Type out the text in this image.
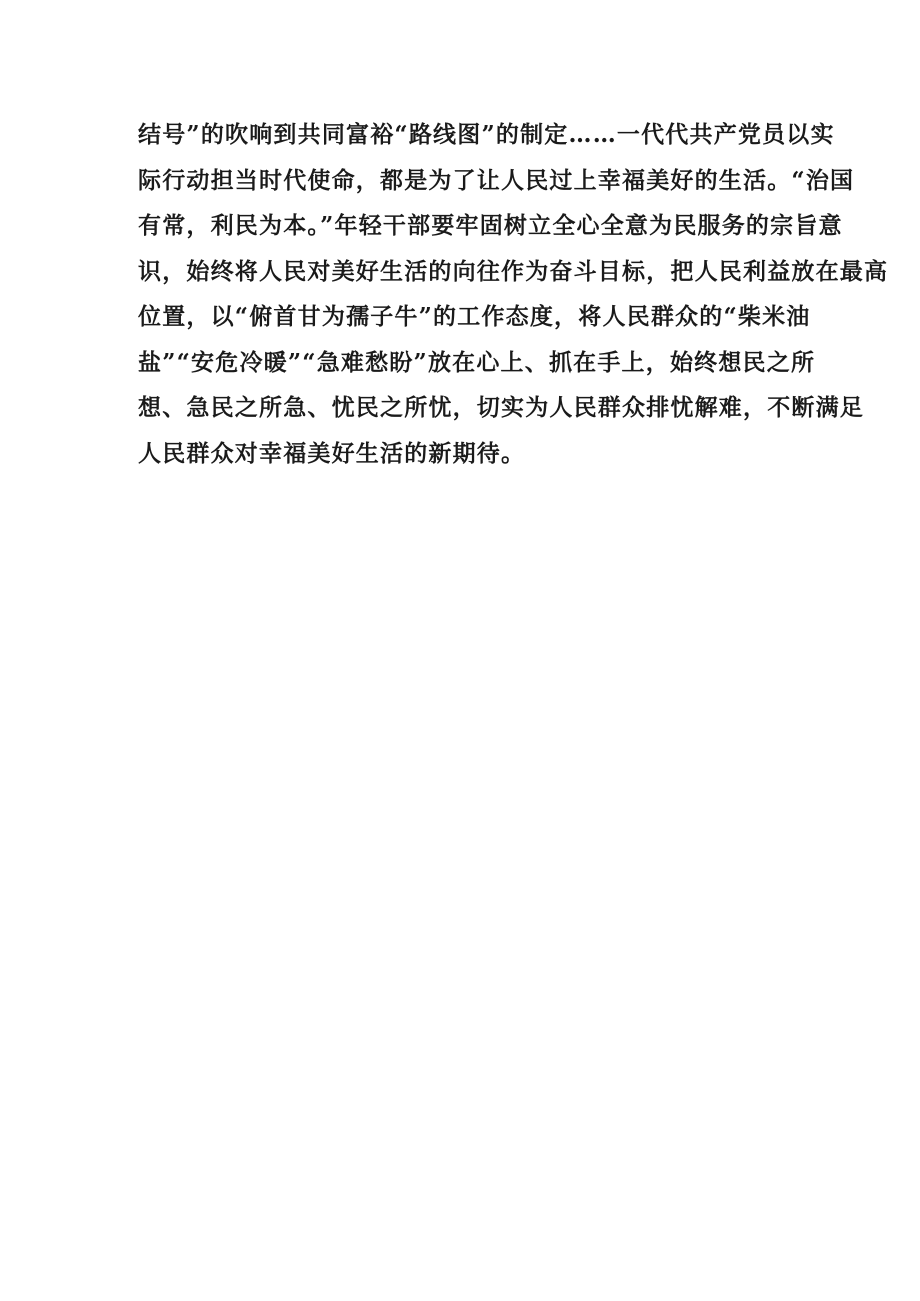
结号”的吹响到共同富裕“路线图”的制定……一代代共产党员以实
际行动担当时代使命，都是为了让人民过上幸福美好的生活。“治国
有常，利民为本。”年轻干部要牢固树立全心全意为民服务的宗旨意
识，始终将人民对美好生活的向往作为奋斗目标，把人民利益放在最高
位置，以“俯首甘为孺子牛”的工作态度，将人民群众的“柴米油
盐”“安危冷暖”“急难愁盼”放在心上、抓在手上，始终想民之所
想、急民之所急、忧民之所忧，切实为人民群众排忧解难，不断满足
人民群众对幸福美好生活的新期待。
